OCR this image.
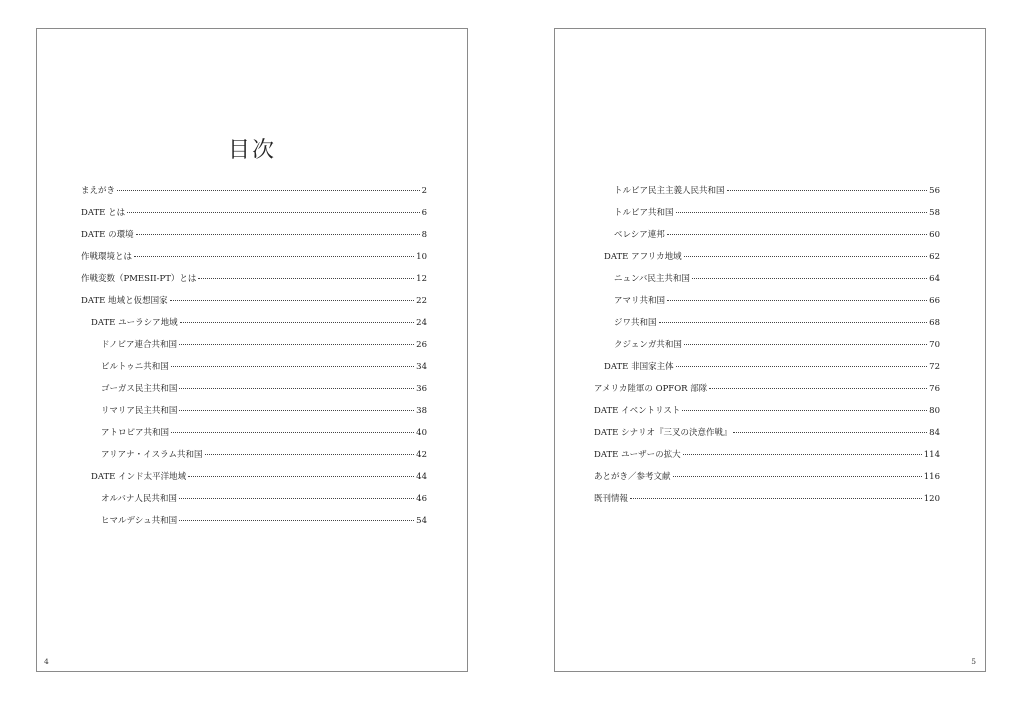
目次
まえがき	2
DATE とは	6
DATE の環境	8
作戦環境とは	10
作戦変数（PMESII-PT）とは	12
DATE 地域と仮想国家	22
DATE ユーラシア地域	24
ドノビア連合共和国	26
ビルトゥニ共和国	34
ゴーガス民主共和国	36
リマリア民主共和国	38
アトロピア共和国	40
アリアナ・イスラム共和国	42
DATE インド太平洋地域	44
オルバナ人民共和国	46
ヒマルデシュ共和国	54
4
トルビア民主主義人民共和国	56
トルビア共和国	58
ベレシア連邦	60
DATE アフリカ地域	62
ニュンバ民主共和国	64
アマリ共和国	66
ジワ共和国	68
クジェンガ共和国	70
DATE 非国家主体	72
アメリカ陸軍の OPFOR 部隊	76
DATE イベントリスト	80
DATE シナリオ『三叉の決意作戦』	84
DATE ユーザーの拡大	114
あとがき／参考文献	116
既刊情報	120
5
